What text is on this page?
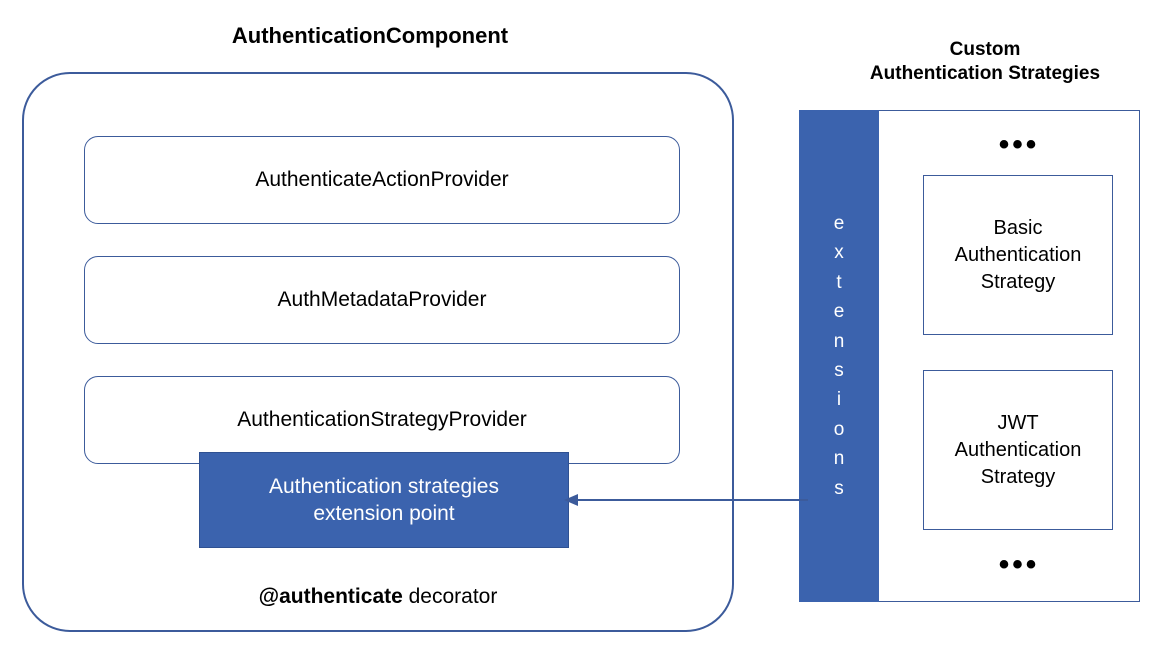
AuthenticationComponent
Custom
Authentication Strategies
AuthenticateActionProvider
AuthMetadataProvider
AuthenticationStrategyProvider
Authentication strategies
extension point
@authenticate decorator
e
x
t
e
n
s
i
o
n
s
•••
Basic
Authentication
Strategy
JWT
Authentication
Strategy
•••
